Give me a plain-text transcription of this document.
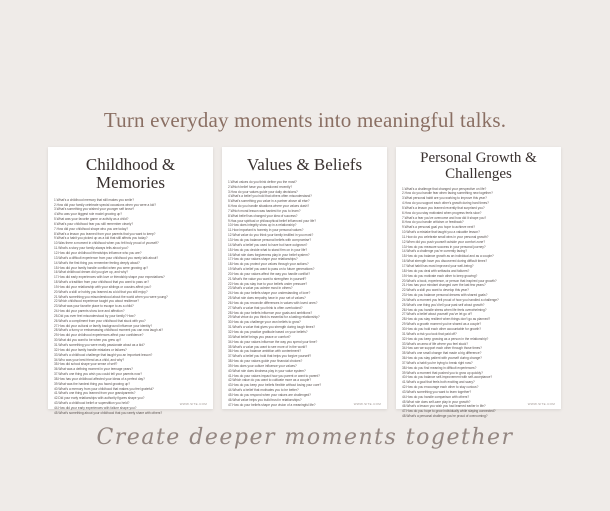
Turn everyday moments into meaningful talks.
Childhood & Memories
1.What's a childhood memory that still makes you smile?
2.How did your family celebrate special occasions when you were a kid?
3.What's something you wished your younger self knew?
4.Who was your biggest role model growing up?
5.What was your favorite game or activity as a child?
6.What's your childhood fear you still remember clearly?
7.How did your childhood shape who you are today?
8.What's a lesson you learned from your parents that you want to keep?
9.What's a habit you picked up as a kid that still affects you today?
10.Was there a moment in childhood when you felt truly proud of yourself?
11.What's a story your family always tells about you?
12.How did your childhood friendships influence who you are?
13.What's a difficult experience from your childhood you rarely talk about?
14.What's the first thing you remember feeling deeply about?
15.How did your family handle conflict when you were growing up?
16.What childhood dream did you give up, and why?
17.How did early experiences with love or friendship shape your expectations?
18.What's a tradition from your childhood that you want to pass on?
19.How did your relationship with your siblings or cousins affect you?
20.What's a skill or hobby you learned as a kid that you still enjoy?
21.What's something you misunderstood about the world when you were young?
22.Which childhood experience taught you about resilience?
23.What was your favorite place to escape to as a child?
24.How did your parents show love and affection?
25.Did you ever feel misunderstood by your family? How?
26.What's a compliment from your childhood that stuck with you?
27.How did your cultural or family background influence your identity?
28.What's a funny or embarrassing childhood moment you can now laugh at?
29.How did your childhood experiences affect your confidence?
30.What did you want to be when you grew up?
31.What's something you were really passionate about as a kid?
32.How did your family handle mistakes or failures?
33.What's a childhood challenge that taught you an important lesson?
34.Who was your best friend as a child, and why?
35.How did school shape your sense of self?
36.What was a defining moment in your teenage years?
37.What's one thing you wish you could tell your parents now?
38.How has your childhood affected your ideas of a perfect day?
39.What was the hardest thing you faced growing up?
40.What's a memory from your childhood that makes you feel grateful?
41.What's one thing you learned from your grandparents?
42.Did your early relationships with authority figures shape you?
43.What's a childhood belief or superstition you held?
44.How did your early experiences with failure shape you?
45.What's something about your childhood that you rarely share with others?
WWW.SITE.COM
Values & Beliefs
1.What values do you think define you the most?
2.Which belief have you questioned recently?
3.How do your values guide your daily decisions?
4.What's a belief you hold that others often misunderstand?
5.What's something you value in a partner above all else?
6.How do you handle situations where your values clash?
7.Which moral lesson was hardest for you to learn?
8.What belief has changed your idea of success?
9.Has your spiritual or philosophical belief influenced your life?
10.How does integrity show up in a relationship?
11.How important is honesty in your personal values?
12.What value do you think your family instilled in you most?
13.How do you balance personal beliefs with compromise?
14.What's a belief you used to have but have outgrown?
15.How do you decide what to stand firm on in your life?
16.What role does forgiveness play in your belief system?
17.How do your values shape your relationships?
18.How do you protect your values through your actions?
19.What's a belief you want to pass on to future generations?
20.How do your values affect the way you handle conflict?
21.What's the value you want to strengthen in yourself?
22.How do you stay true to your beliefs under pressure?
23.What's a value you admire most in others?
24.How do your beliefs shape your understanding of love?
25.What role does empathy have in your set of values?
26.How do you reconcile differences in values with loved ones?
27.What's a value that you think is often overlooked?
28.How do your beliefs influence your goals and ambitions?
29.What virtue do you think is essential for a lasting relationship?
30.How do you challenge your own beliefs to grow?
31.What's a value that gives you strength during tough times?
32.How do you practice gratitude based on your beliefs?
33.What belief brings you peace or comfort?
34.How do your values influence the way you spend your time?
35.What's a value you want to see more of in the world?
36.How do you balance ambition with contentment?
37.What's a belief you hold that helps you forgive yourself?
38.How do your values guide your financial choices?
39.How does your culture influence your values?
40.What role does kindness play in your value system?
41.How do your values impact how you parent or want to parent?
42.Which value do you want to cultivate more as a couple?
43.How do you keep your beliefs flexible without losing your core?
44.What's a belief that motivates you to be better?
45.How do you respond when your values are challenged?
46.What value helps you build trust in relationships?
47.How do your beliefs shape your vision of a meaningful life?	WWW.SITE.COM
Personal Growth & Challenges
1.What's a challenge that changed your perspective on life?
2.How do you handle fear when facing something new together?
3.What personal habit are you working to improve this year?
4.How do you support each other's growth during hard times?
5.What's a lesson you learned recently that surprised you?
6.How do you stay motivated when progress feels slow?
7.What's a fear you've overcome and how did it shape you?
8.How do you handle criticism or feedback?
9.What's a personal goal you hope to achieve next?
10.What's a mistake that taught you a valuable lesson?
11.How do you celebrate small wins in your personal growth?
12.When did you push yourself outside your comfort zone?
13.How do you measure success in your personal journey?
14.What's a challenge you're currently facing?
15.How do you balance growth as an individual and as a couple?
16.What strength have you discovered during difficult times?
17.What habit has most improved your well-being?
18.How do you deal with setbacks and failures?
19.How do you motivate each other to keep growing?
20.What's a book, experience, or person that inspired your growth?
21.How has your mindset changed over the last few years?
22.What's a skill you want to develop this year?
23.How do you balance personal dreams with shared goals?
24.What's a moment you felt proud of how you handled a challenge?
25.What's one thing you'd tell your past self about growth?
26.How do you handle stress when life feels overwhelming?
27.What's a belief about yourself you've let go of?
28.How do you stay resilient when things don't go as planned?
29.What's a growth moment you've shared as a couple?
30.How do you hold each other accountable for growth?
31.What's a risk you took that paid off?
32.How do you keep growing as a person in the relationship?
33.What's an area of life where you feel stuck?
34.How can we support each other through those times?
35.What's one small change that made a big difference?
36.How do you stay patient with yourself during change?
37.What's a habit you're trying to break right now?
38.How do you find meaning in difficult experiences?
39.What's a moment that pushed you to grow up quickly?
40.How do you balance self-improvement with self-acceptance?
41.What's a goal that feels both exciting and scary?
42.How do you encourage each other to stay curious?
43.What's something you want to learn together?
44.How do you handle comparison with others?
45.What role does self-care play in your growth?
46.What's a lesson you wish you had learned earlier in life?
47.How do you hope to grow individually while staying connected?
48.What's a personal challenge you're proud of overcoming?
WWW.SITE.COM
Create deeper moments together
